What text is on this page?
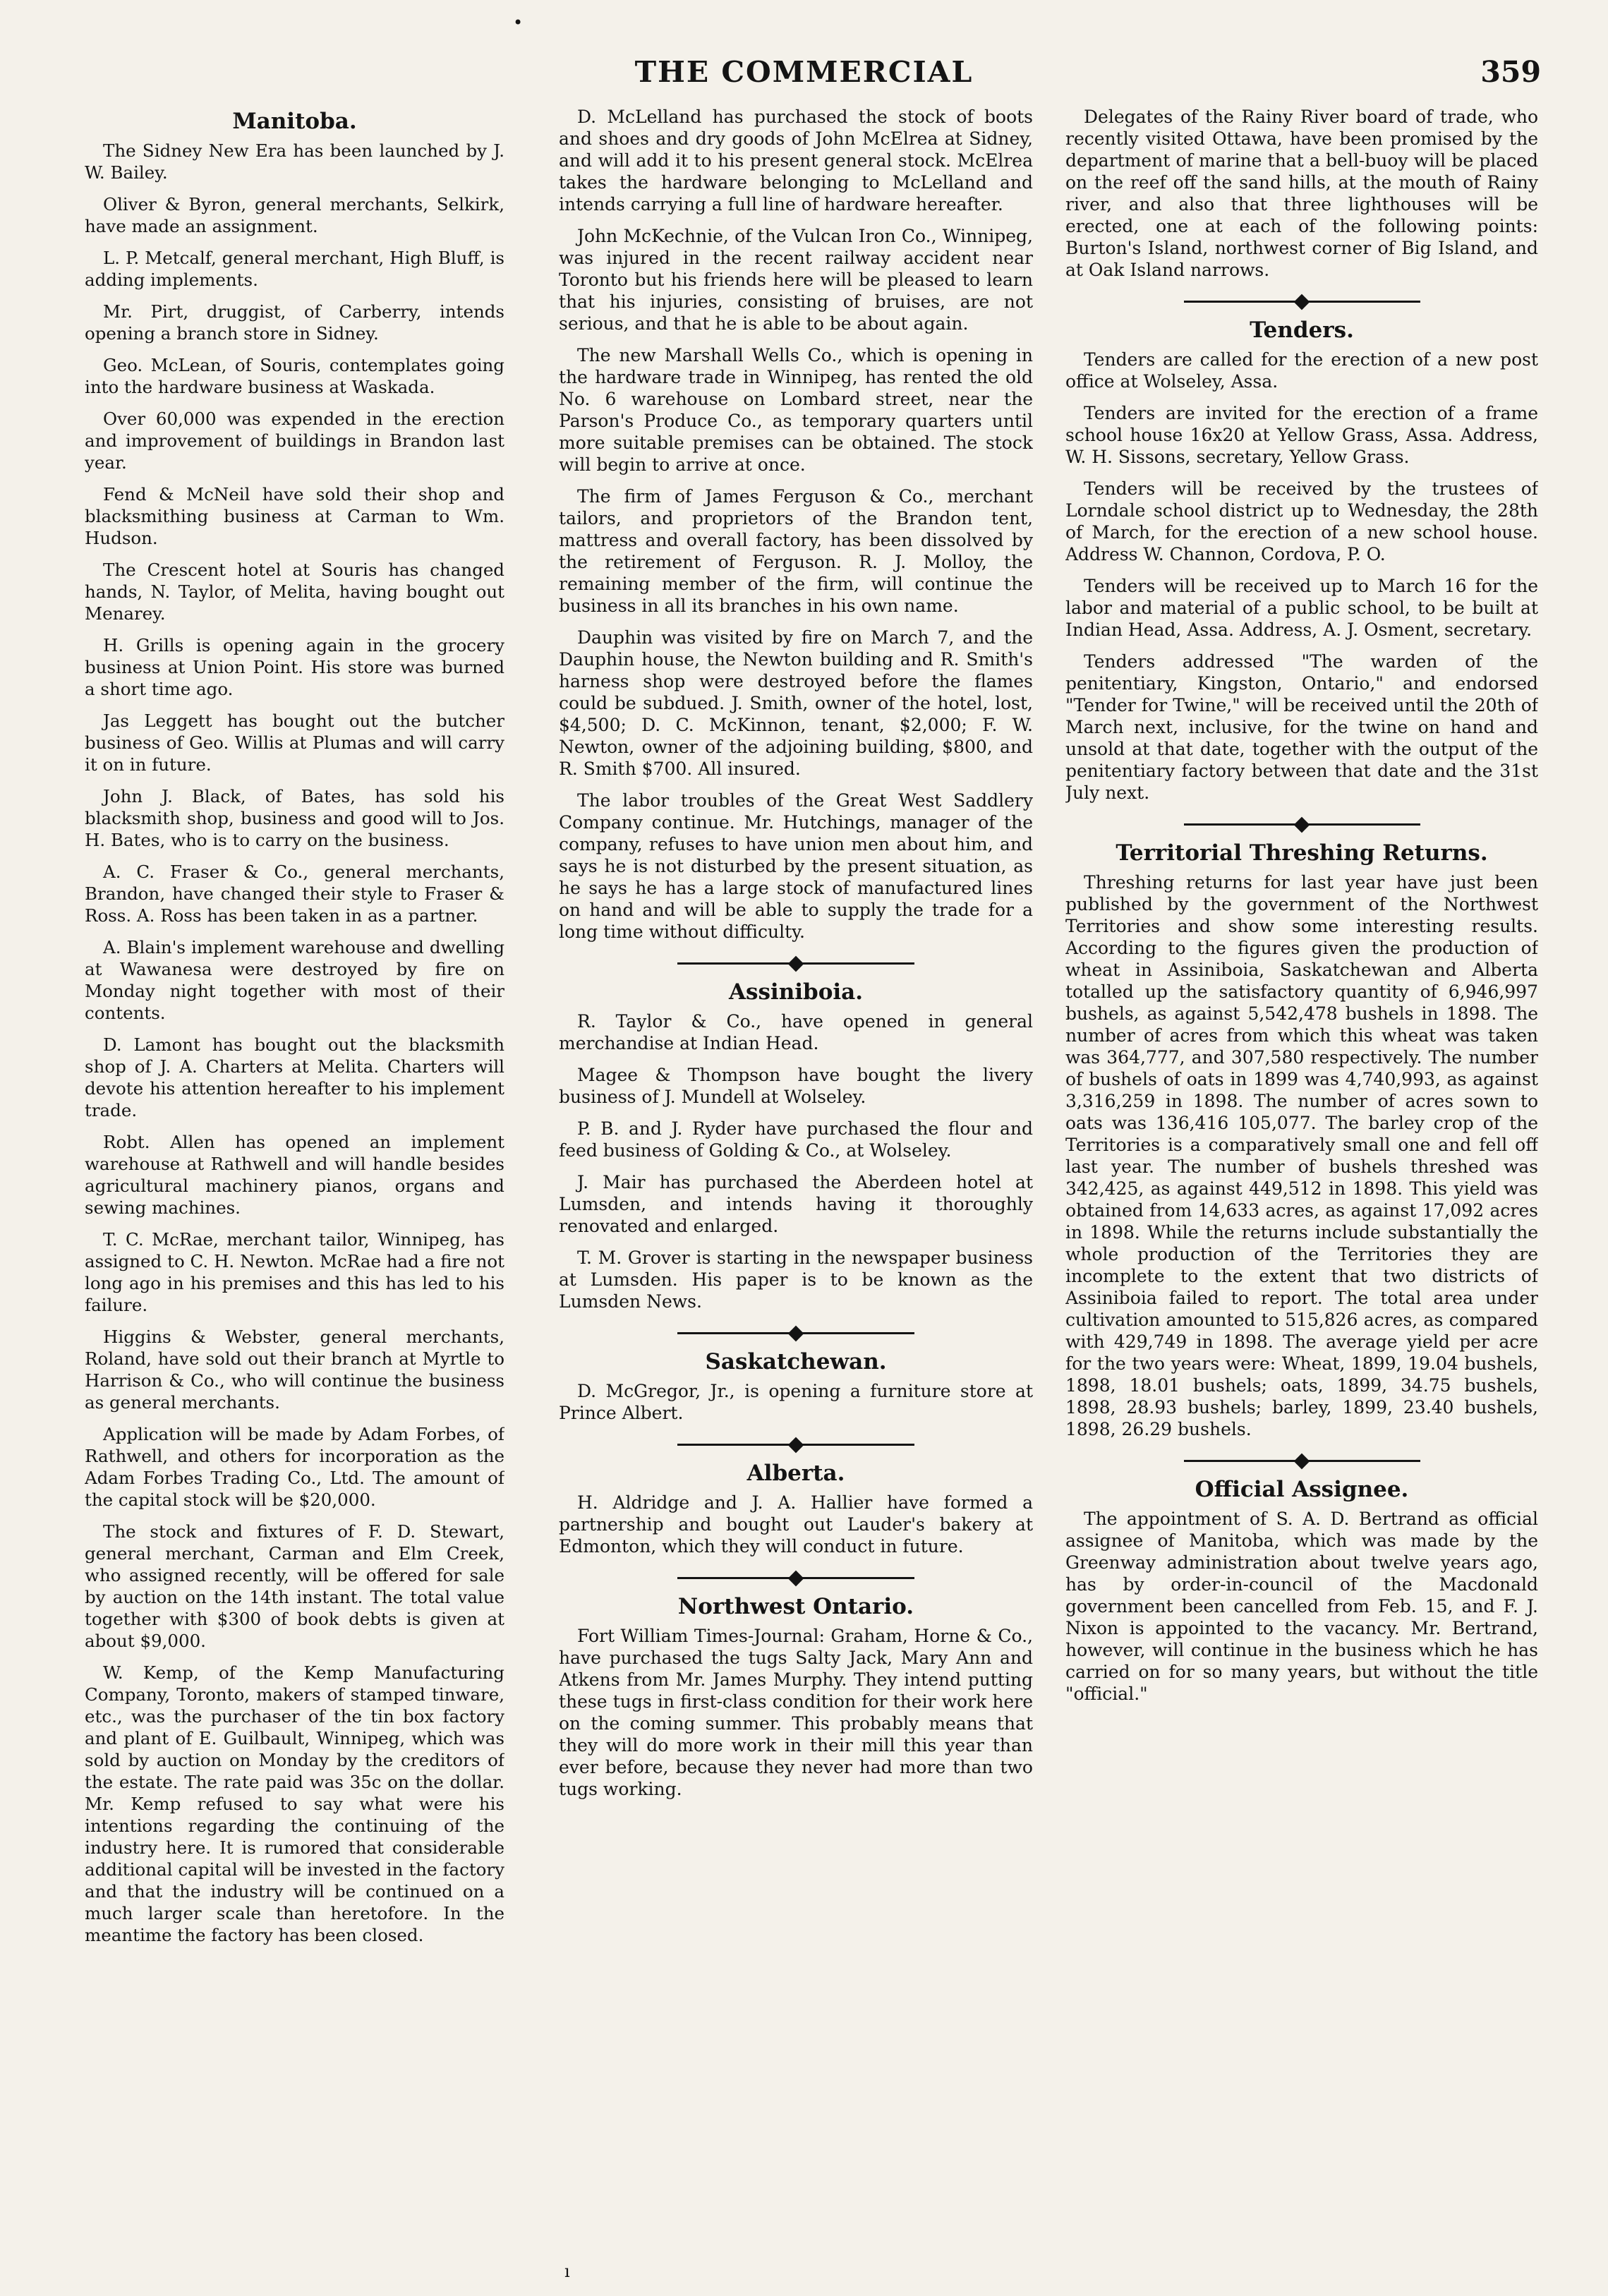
THE COMMERCIAL	359
•
Manitoba.

The Sidney New Era has been launched by J. W. Bailey.

Oliver & Byron, general merchants, Selkirk, have made an assignment.

L. P. Metcalf, general merchant, High Bluff, is adding implements.

Mr. Pirt, druggist, of Carberry, intends opening a branch store in Sidney.

Geo. McLean, of Souris, contemplates going into the hardware business at Waskada.

Over 60,000 was expended in the erection and improvement of buildings in Brandon last year.

Fend & McNeil have sold their shop and blacksmithing business at Carman to Wm. Hudson.

The Crescent hotel at Souris has changed hands, N. Taylor, of Melita, having bought out Menarey.

H. Grills is opening again in the grocery business at Union Point. His store was burned a short time ago.

Jas Leggett has bought out the butcher business of Geo. Willis at Plumas and will carry it on in future.

John J. Black, of Bates, has sold his blacksmith shop, business and good will to Jos. H. Bates, who is to carry on the business.

A. C. Fraser & Co., general merchants, Brandon, have changed their style to Fraser & Ross. A. Ross has been taken in as a partner.

A. Blain's implement warehouse and dwelling at Wawanesa were destroyed by fire on Monday night together with most of their contents.

D. Lamont has bought out the blacksmith shop of J. A. Charters at Melita. Charters will devote his attention hereafter to his implement trade.

Robt. Allen has opened an implement warehouse at Rathwell and will handle besides agricultural machinery pianos, organs and sewing machines.

T. C. McRae, merchant tailor, Winnipeg, has assigned to C. H. Newton. McRae had a fire not long ago in his premises and this has led to his failure.

Higgins & Webster, general merchants, Roland, have sold out their branch at Myrtle to Harrison & Co., who will continue the business as general merchants.

Application will be made by Adam Forbes, of Rathwell, and others for incorporation as the Adam Forbes Trading Co., Ltd. The amount of the capital stock will be $20,000.

The stock and fixtures of F. D. Stewart, general merchant, Carman and Elm Creek, who assigned recently, will be offered for sale by auction on the 14th instant. The total value together with $300 of book debts is given at about $9,000.

W. Kemp, of the Kemp Manufacturing Company, Toronto, makers of stamped tinware, etc., was the purchaser of the tin box factory and plant of E. Guilbault, Winnipeg, which was sold by auction on Monday by the creditors of the estate. The rate paid was 35c on the dollar. Mr. Kemp refused to say what were his intentions regarding the continuing of the industry here. It is rumored that considerable additional capital will be invested in the factory and that the industry will be continued on a much larger scale than heretofore. In the meantime the factory has been closed.

D. McLelland has purchased the stock of boots and shoes and dry goods of John McElrea at Sidney, and will add it to his present general stock. McElrea takes the hardware belonging to McLelland and intends carrying a full line of hardware hereafter.

John McKechnie, of the Vulcan Iron Co., Winnipeg, was injured in the recent railway accident near Toronto but his friends here will be pleased to learn that his injuries, consisting of bruises, are not serious, and that he is able to be about again.

The new Marshall Wells Co., which is opening in the hardware trade in Winnipeg, has rented the old No. 6 warehouse on Lombard street, near the Parson's Produce Co., as temporary quarters until more suitable premises can be obtained. The stock will begin to arrive at once.

The firm of James Ferguson & Co., merchant tailors, and proprietors of the Brandon tent, mattress and overall factory, has been dissolved by the retirement of Ferguson. R. J. Molloy, the remaining member of the firm, will continue the business in all its branches in his own name.

Dauphin was visited by fire on March 7, and the Dauphin house, the Newton building and R. Smith's harness shop were destroyed before the flames could be subdued. J. Smith, owner of the hotel, lost, $4,500; D. C. McKinnon, tenant, $2,000; F. W. Newton, owner of the adjoining building, $800, and R. Smith $700. All insured.

The labor troubles of the Great West Saddlery Company continue. Mr. Hutchings, manager of the company, refuses to have union men about him, and says he is not disturbed by the present situation, as he says he has a large stock of manufactured lines on hand and will be able to supply the trade for a long time without difficulty.

Assiniboia.

R. Taylor & Co., have opened in general merchandise at Indian Head.

Magee & Thompson have bought the livery business of J. Mundell at Wolseley.

P. B. and J. Ryder have purchased the flour and feed business of Golding & Co., at Wolseley.

J. Mair has purchased the Aberdeen hotel at Lumsden, and intends having it thoroughly renovated and enlarged.

T. M. Grover is starting in the newspaper business at Lumsden. His paper is to be known as the Lumsden News.

Saskatchewan.

D. McGregor, Jr., is opening a furniture store at Prince Albert.

Alberta.

H. Aldridge and J. A. Hallier have formed a partnership and bought out Lauder's bakery at Edmonton, which they will conduct in future.

Northwest Ontario.

Fort William Times-Journal: Graham, Horne & Co., have purchased the tugs Salty Jack, Mary Ann and Atkens from Mr. James Murphy. They intend putting these tugs in first-class condition for their work here on the coming summer. This probably means that they will do more work in their mill this year than ever before, because they never had more than two tugs working.

Delegates of the Rainy River board of trade, who recently visited Ottawa, have been promised by the department of marine that a bell-buoy will be placed on the reef off the sand hills, at the mouth of Rainy river, and also that three lighthouses will be erected, one at each of the following points: Burton's Island, northwest corner of Big Island, and at Oak Island narrows.

Tenders.

Tenders are called for the erection of a new post office at Wolseley, Assa.

Tenders are invited for the erection of a frame school house 16x20 at Yellow Grass, Assa. Address, W. H. Sissons, secretary, Yellow Grass.

Tenders will be received by the trustees of Lorndale school district up to Wednesday, the 28th of March, for the erection of a new school house. Address W. Channon, Cordova, P. O.

Tenders will be received up to March 16 for the labor and material of a public school, to be built at Indian Head, Assa. Address, A. J. Osment, secretary.

Tenders addressed "The warden of the penitentiary, Kingston, Ontario," and endorsed "Tender for Twine," will be received until the 20th of March next, inclusive, for the twine on hand and unsold at that date, together with the output of the penitentiary factory between that date and the 31st July next.

Territorial Threshing Returns.

Threshing returns for last year have just been published by the government of the Northwest Territories and show some interesting results. According to the figures given the production of wheat in Assiniboia, Saskatchewan and Alberta totalled up the satisfactory quantity of 6,946,997 bushels, as against 5,542,478 bushels in 1898. The number of acres from which this wheat was taken was 364,777, and 307,580 respectively. The number of bushels of oats in 1899 was 4,740,993, as against 3,316,259 in 1898. The number of acres sown to oats was 136,416 105,077. The barley crop of the Territories is a comparatively small one and fell off last year. The number of bushels threshed was 342,425, as against 449,512 in 1898. This yield was obtained from 14,633 acres, as against 17,092 acres in 1898. While the returns include substantially the whole production of the Territories they are incomplete to the extent that two districts of Assiniboia failed to report. The total area under cultivation amounted to 515,826 acres, as compared with 429,749 in 1898. The average yield per acre for the two years were: Wheat, 1899, 19.04 bushels, 1898, 18.01 bushels; oats, 1899, 34.75 bushels, 1898, 28.93 bushels; barley, 1899, 23.40 bushels, 1898, 26.29 bushels.

Official Assignee.

The appointment of S. A. D. Bertrand as official assignee of Manitoba, which was made by the Greenway administration about twelve years ago, has by order-in-council of the Macdonald government been cancelled from Feb. 15, and F. J. Nixon is appointed to the vacancy. Mr. Bertrand, however, will continue in the business which he has carried on for so many years, but without the title "official."

ı
